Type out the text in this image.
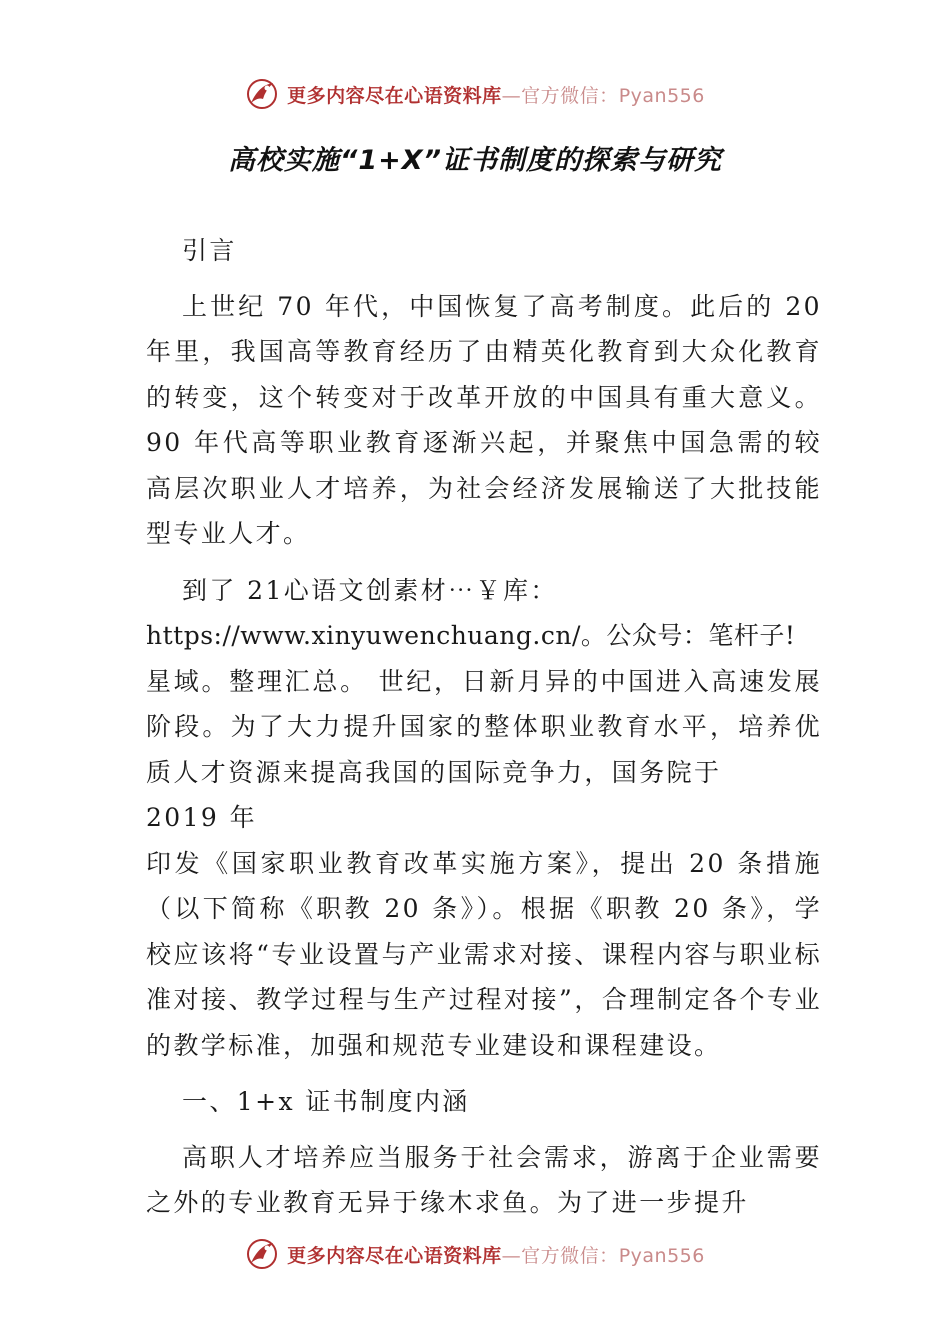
更多内容尽在心语资料库—官方微信：Pyan556
高校实施“1+X”证书制度的探索与研究

引言

上世纪 70 年代，中国恢复了高考制度。此后的 20 年里，我国高等教育经历了由精英化教育到大众化教育的转变，这个转变对于改革开放的中国具有重大意义。90 年代高等职业教育逐渐兴起，并聚焦中国急需的较高层次职业人才培养，为社会经济发展输送了大批技能型专业人才。

到了 21心语文创素材⋯￥库：

https://www.xinyuwenchuang.cn/。公众号：笔杆子!

星域。整理汇总。 世纪，日新月异的中国进入高速发展阶段。为了大力提升国家的整体职业教育水平，培养优质人才资源来提高我国的国际竞争力，国务院于

2019 年

印发《国家职业教育改革实施方案》，提出 20 条措施（以下简称《职教 20 条》）。根据《职教 20 条》，学校应该将“专业设置与产业需求对接、课程内容与职业标准对接、教学过程与生产过程对接”，合理制定各个专业的教学标准，加强和规范专业建设和课程建设。

一、1+x 证书制度内涵

高职人才培养应当服务于社会需求，游离于企业需要之外的专业教育无异于缘木求鱼。为了进一步提升

更多内容尽在心语资料库—官方微信：Pyan556
